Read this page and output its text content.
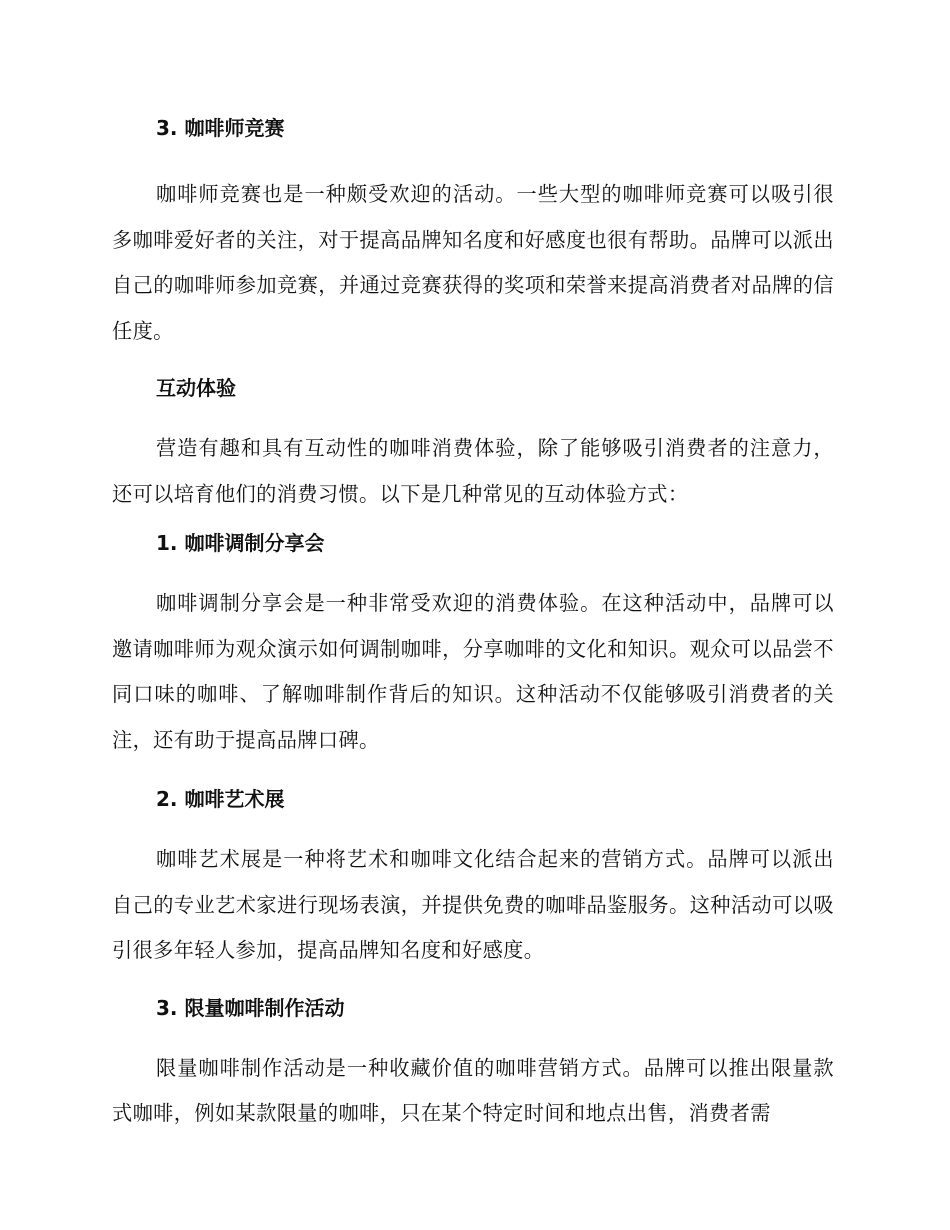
3. 咖啡师竞赛

咖啡师竞赛也是一种颇受欢迎的活动。一些大型的咖啡师竞赛可以吸引很多咖啡爱好者的关注，对于提高品牌知名度和好感度也很有帮助。品牌可以派出自己的咖啡师参加竞赛，并通过竞赛获得的奖项和荣誉来提高消费者对品牌的信任度。

互动体验

营造有趣和具有互动性的咖啡消费体验，除了能够吸引消费者的注意力，还可以培育他们的消费习惯。以下是几种常见的互动体验方式：

1. 咖啡调制分享会

咖啡调制分享会是一种非常受欢迎的消费体验。在这种活动中，品牌可以邀请咖啡师为观众演示如何调制咖啡，分享咖啡的文化和知识。观众可以品尝不同口味的咖啡、了解咖啡制作背后的知识。这种活动不仅能够吸引消费者的关注，还有助于提高品牌口碑。

2. 咖啡艺术展

咖啡艺术展是一种将艺术和咖啡文化结合起来的营销方式。品牌可以派出自己的专业艺术家进行现场表演，并提供免费的咖啡品鉴服务。这种活动可以吸引很多年轻人参加，提高品牌知名度和好感度。

3. 限量咖啡制作活动

限量咖啡制作活动是一种收藏价值的咖啡营销方式。品牌可以推出限量款式咖啡，例如某款限量的咖啡，只在某个特定时间和地点出售，消费者需
